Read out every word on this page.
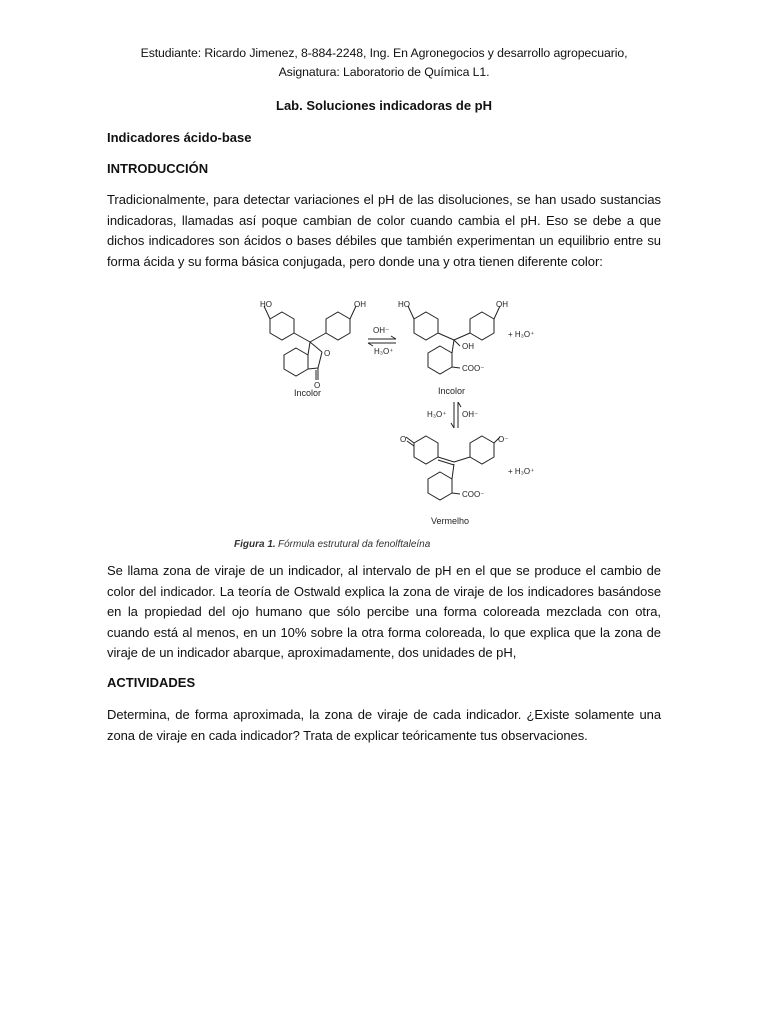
Estudiante: Ricardo Jimenez, 8-884-2248, Ing. En Agronegocios y desarrollo agropecuario,
Asignatura: Laboratorio de Química L1.
Lab. Soluciones indicadoras de pH
Indicadores ácido-base
INTRODUCCIÓN
Tradicionalmente, para detectar variaciones el pH de las disoluciones, se han usado sustancias indicadoras, llamadas así poque cambian de color cuando cambia el pH. Eso se debe a que dichos indicadores son ácidos o bases débiles que también experimentan un equilibrio entre su forma ácida y su forma básica conjugada, pero donde una y otra tienen diferente color:
HO	OH
O
O
OH⁻
H₃O⁺
HO	OH
OH
COO⁻
+ H₃O⁺
H₃O⁺ OH⁻
O	O⁻
COO⁻
+ H₃O⁺
Incolor	Incolor
Vermelho
Figura 1. Fórmula estrutural da fenolftaleína
Se llama zona de viraje de un indicador, al intervalo de pH en el que se produce el cambio de color del indicador. La teoría de Ostwald explica la zona de viraje de los indicadores basándose en la propiedad del ojo humano que sólo percibe una forma coloreada mezclada con otra, cuando está al menos, en un 10% sobre la otra forma coloreada, lo que explica que la zona de viraje de un indicador abarque, aproximadamente, dos unidades de pH,
ACTIVIDADES
Determina, de forma aproximada, la zona de viraje de cada indicador. ¿Existe solamente una zona de viraje en cada indicador? Trata de explicar teóricamente tus observaciones.
